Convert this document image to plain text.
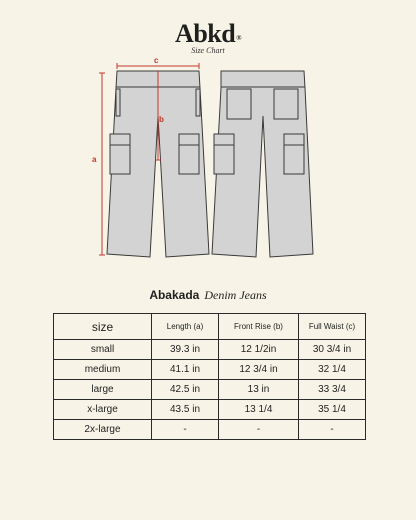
Abkd®
Size Chart
a
b
c
Abakada Denim Jeans
size	Length (a)	Front Rise (b)	Full Waist (c)
small	39.3 in	12 1/2in	30 3/4 in
medium	41.1 in	12 3/4 in	32 1/4
large	42.5 in	13 in	33 3/4
x-large	43.5 in	13 1/4	35 1/4
2x-large	-	-	-
